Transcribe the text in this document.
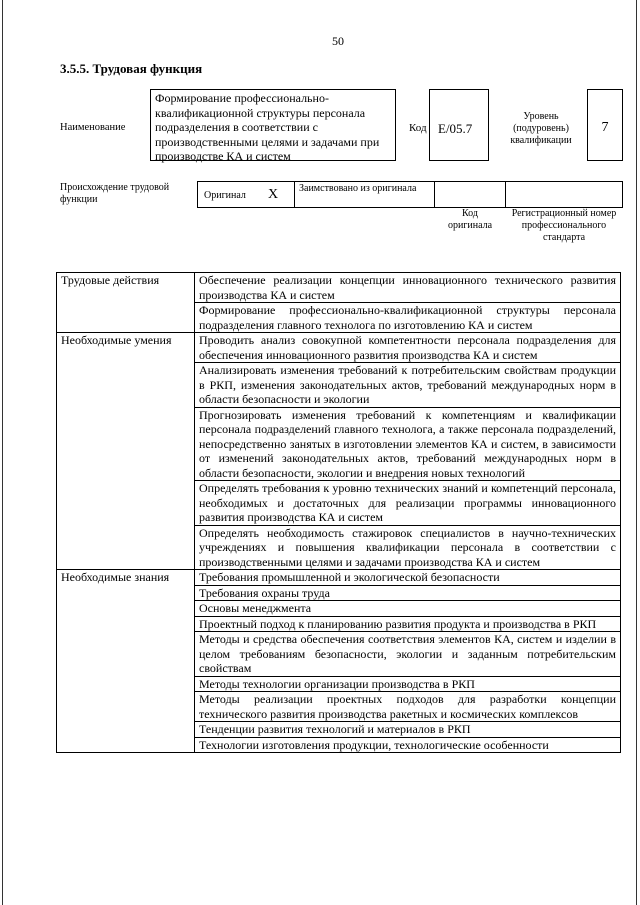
50
3.5.5. Трудовая функция
Наименование
Формирование профессионально-квалификационной структуры персонала подразделения в соответствии с производственными целями и задачами при производстве КА и систем
Код E/05.7
Уровень (подуровень) квалификации
7
Происхождение трудовой функции	Оригинал X Заимствовано из оригинала
Код оригинала
Регистрационный номер профессионального стандарта
Трудовые действия	Обеспечение реализации концепции инновационного технического развития производства КА и систем
	Формирование профессионально-квалификационной структуры персонала подразделения главного технолога по изготовлению КА и систем
Необходимые умения	Проводить анализ совокупной компетентности персонала подразделения для обеспечения инновационного развития производства КА и систем
	Анализировать изменения требований к потребительским свойствам продукции в РКП, изменения законодательных актов, требований международных норм в области безопасности и экологии
	Прогнозировать изменения требований к компетенциям и квалификации персонала подразделений главного технолога, а также персонала подразделений, непосредственно занятых в изготовлении элементов КА и систем, в зависимости от изменений законодательных актов, требований международных норм в области безопасности, экологии и внедрения новых технологий
	Определять требования к уровню технических знаний и компетенций персонала, необходимых и достаточных для реализации программы инновационного развития производства КА и систем
	Определять необходимость стажировок специалистов в научно-технических учреждениях и повышения квалификации персонала в соответствии с производственными целями и задачами производства КА и систем
Необходимые знания	Требования промышленной и экологической безопасности
	Требования охраны труда
	Основы менеджмента
	Проектный подход к планированию развития продукта и производства в РКП
	Методы и средства обеспечения соответствия элементов КА, систем и изделии в целом требованиям безопасности, экологии и заданным потребительским свойствам
	Методы технологии организации производства в РКП
	Методы реализации проектных подходов для разработки концепции технического развития производства ракетных и космических комплексов
	Тенденции развития технологий и материалов в РКП
	Технологии изготовления продукции, технологические особенности
